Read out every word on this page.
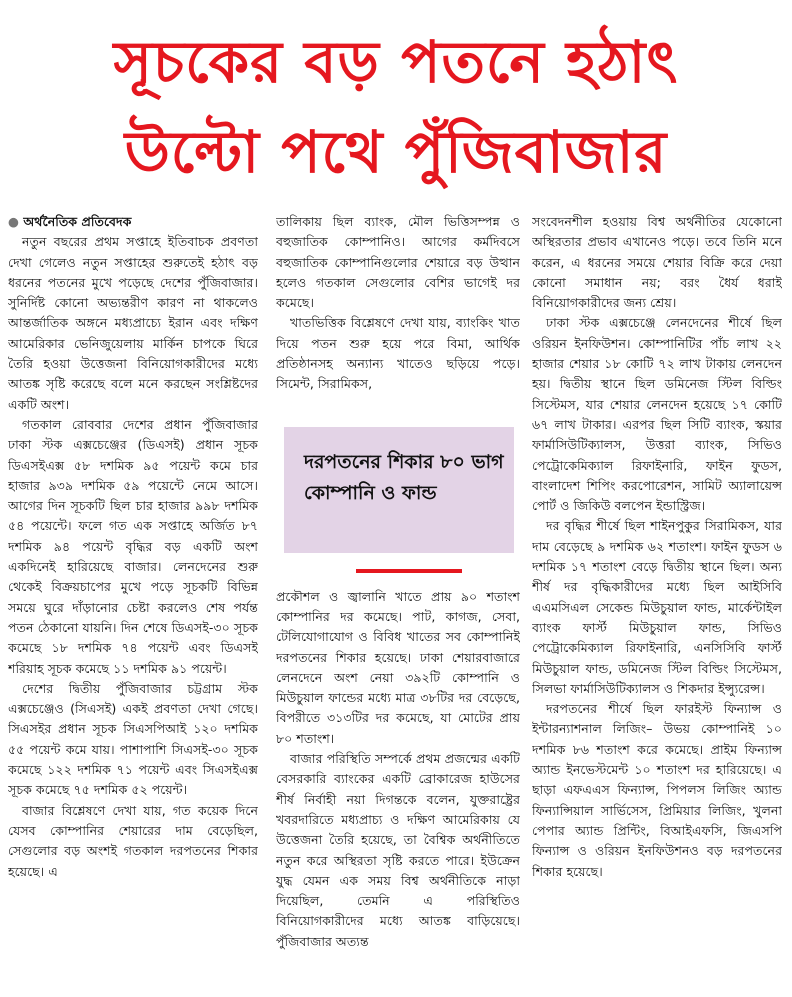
সূচকের বড় পতনে হঠাৎ
উল্টো পথে পুঁজিবাজার
● অর্থনৈতিক প্রতিবেদক

নতুন বছরের প্রথম সপ্তাহে ইতিবাচক প্রবণতা দেখা গেলেও নতুন সপ্তাহের শুরুতেই হঠাৎ বড় ধরনের পতনের মুখে পড়েছে দেশের পুঁজিবাজার। সুনির্দিষ্ট কোনো অভ্যন্তরীণ কারণ না থাকলেও আন্তর্জাতিক অঙ্গনে মধ্যপ্রাচ্যে ইরান এবং দক্ষিণ আমেরিকার ভেনিজুয়েলায় মার্কিন চাপকে ঘিরে তৈরি হওয়া উত্তেজনা বিনিয়োগকারীদের মধ্যে আতঙ্ক সৃষ্টি করেছে বলে মনে করছেন সংশ্লিষ্টদের একটি অংশ।

গতকাল রোববার দেশের প্রধান পুঁজিবাজার ঢাকা স্টক এক্সচেঞ্জের (ডিএসই) প্রধান সূচক ডিএসইএক্স ৫৮ দশমিক ৯৫ পয়েন্ট কমে চার হাজার ৯৩৯ দশমিক ৫৯ পয়েন্টে নেমে আসে। আগের দিন সূচকটি ছিল চার হাজার ৯৯৮ দশমিক ৫৪ পয়েন্টে। ফলে গত এক সপ্তাহে অর্জিত ৮৭ দশমিক ৯৪ পয়েন্ট বৃদ্ধির বড় একটি অংশ একদিনেই হারিয়েছে বাজার। লেনদেনের শুরু থেকেই বিক্রয়চাপের মুখে পড়ে সূচকটি বিভিন্ন সময়ে ঘুরে দাঁড়ানোর চেষ্টা করলেও শেষ পর্যন্ত পতন ঠেকানো যায়নি। দিন শেষে ডিএসই-৩০ সূচক কমেছে ১৮ দশমিক ৭৪ পয়েন্ট এবং ডিএসই শরিয়াহ সূচক কমেছে ১১ দশমিক ৯১ পয়েন্ট।

দেশের দ্বিতীয় পুঁজিবাজার চট্টগ্রাম স্টক এক্সচেঞ্জেও (সিএসই) একই প্রবণতা দেখা গেছে। সিএসইর প্রধান সূচক সিএসপিআই ১২০ দশমিক ৫৫ পয়েন্ট কমে যায়। পাশাপাশি সিএসই-৩০ সূচক কমেছে ১২২ দশমিক ৭১ পয়েন্ট এবং সিএসইএক্স সূচক কমেছে ৭৫ দশমিক ৫২ পয়েন্ট।

বাজার বিশ্লেষণে দেখা যায়, গত কয়েক দিনে যেসব কোম্পানির শেয়ারের দাম বেড়েছিল, সেগুলোর বড় অংশই গতকাল দরপতনের শিকার হয়েছে। এ

তালিকায় ছিল ব্যাংক, মৌল ভিত্তিসম্পন্ন ও বহুজাতিক কোম্পানিও। আগের কর্মদিবসে বহুজাতিক কোম্পানিগুলোর শেয়ারে বড় উত্থান হলেও গতকাল সেগুলোর বেশির ভাগেই দর কমেছে।

খাতভিত্তিক বিশ্লেষণে দেখা যায়, ব্যাংকিং খাত দিয়ে পতন শুরু হয়ে পরে বিমা, আর্থিক প্রতিষ্ঠানসহ অন্যান্য খাতেও ছড়িয়ে পড়ে। সিমেন্ট, সিরামিকস,

দরপতনের শিকার ৮০ ভাগ কোম্পানি ও ফান্ড

প্রকৌশল ও জ্বালানি খাতে প্রায় ৯০ শতাংশ কোম্পানির দর কমেছে। পাট, কাগজ, সেবা, টেলিযোগাযোগ ও বিবিধ খাতের সব কোম্পানিই দরপতনের শিকার হয়েছে। ঢাকা শেয়ারবাজারে লেনদেনে অংশ নেয়া ৩৯২টি কোম্পানি ও মিউচুয়াল ফান্ডের মধ্যে মাত্র ৩৮টির দর বেড়েছে, বিপরীতে ৩১৩টির দর কমেছে, যা মোটের প্রায় ৮০ শতাংশ।

বাজার পরিস্থিতি সম্পর্কে প্রথম প্রজন্মের একটি বেসরকারি ব্যাংকের একটি ব্রোকারেজ হাউসের শীর্ষ নির্বাহী নয়া দিগন্তকে বলেন, যুক্তরাষ্ট্রের খবরদারিতে মধ্যপ্রাচ্য ও দক্ষিণ আমেরিকায় যে উত্তেজনা তৈরি হয়েছে, তা বৈশ্বিক অর্থনীতিতে নতুন করে অস্থিরতা সৃষ্টি করতে পারে। ইউক্রেন যুদ্ধ যেমন এক সময় বিশ্ব অর্থনীতিকে নাড়া দিয়েছিল, তেমনি এ পরিস্থিতিও বিনিয়োগকারীদের মধ্যে আতঙ্ক বাড়িয়েছে। পুঁজিবাজার অত্যন্ত

সংবেদনশীল হওয়ায় বিশ্ব অর্থনীতির যেকোনো অস্থিরতার প্রভাব এখানেও পড়ে। তবে তিনি মনে করেন, এ ধরনের সময়ে শেয়ার বিক্রি করে দেয়া কোনো সমাধান নয়; বরং ধৈর্য ধরাই বিনিয়োগকারীদের জন্য শ্রেয়।

ঢাকা স্টক এক্সচেঞ্জে লেনদেনের শীর্ষে ছিল ওরিয়ন ইনফিউশন। কোম্পানিটির পাঁচ লাখ ২২ হাজার শেয়ার ১৮ কোটি ৭২ লাখ টাকায় লেনদেন হয়। দ্বিতীয় স্থানে ছিল ডমিনেজ স্টিল বিল্ডিং সিস্টেমস, যার শেয়ার লেনদেন হয়েছে ১৭ কোটি ৬৭ লাখ টাকার। এরপর ছিল সিটি ব্যাংক, স্কয়ার ফার্মাসিউটিক্যালস, উত্তরা ব্যাংক, সিভিও পেট্রোকেমিক্যাল রিফাইনারি, ফাইন ফুডস, বাংলাদেশ শিপিং করপোরেশন, সামিট অ্যালায়েন্স পোর্ট ও জিকিউ বলপেন ইন্ডাস্ট্রিজ।

দর বৃদ্ধির শীর্ষে ছিল শাইনপুকুর সিরামিকস, যার দাম বেড়েছে ৯ দশমিক ৬২ শতাংশ। ফাইন ফুডস ৬ দশমিক ১৭ শতাংশ বেড়ে দ্বিতীয় স্থানে ছিল। অন্য শীর্ষ দর বৃদ্ধিকারীদের মধ্যে ছিল আইসিবি এএমসিএল সেকেন্ড মিউচুয়াল ফান্ড, মার্কেন্টাইল ব্যাংক ফার্স্ট মিউচুয়াল ফান্ড, সিভিও পেট্রোকেমিক্যাল রিফাইনারি, এনসিসিবি ফার্স্ট মিউচুয়াল ফান্ড, ডমিনেজ স্টিল বিল্ডিং সিস্টেমস, সিলভা ফার্মাসিউটিক্যালস ও শিকদার ইন্স্যুরেন্স।

দরপতনের শীর্ষে ছিল ফারইস্ট ফিন্যান্স ও ইন্টারন্যাশনাল লিজিং– উভয় কোম্পানিই ১০ দশমিক ৮৬ শতাংশ করে কমেছে। প্রাইম ফিন্যান্স অ্যান্ড ইনভেস্টমেন্ট ১০ শতাংশ দর হারিয়েছে। এ ছাড়া এফএএস ফিন্যান্স, পিপলস লিজিং অ্যান্ড ফিন্যান্সিয়াল সার্ভিসেস, প্রিমিয়ার লিজিং, খুলনা পেপার অ্যান্ড প্রিন্টিং, বিআইএফসি, জিএসপি ফিন্যান্স ও ওরিয়ন ইনফিউশনও বড় দরপতনের শিকার হয়েছে।
